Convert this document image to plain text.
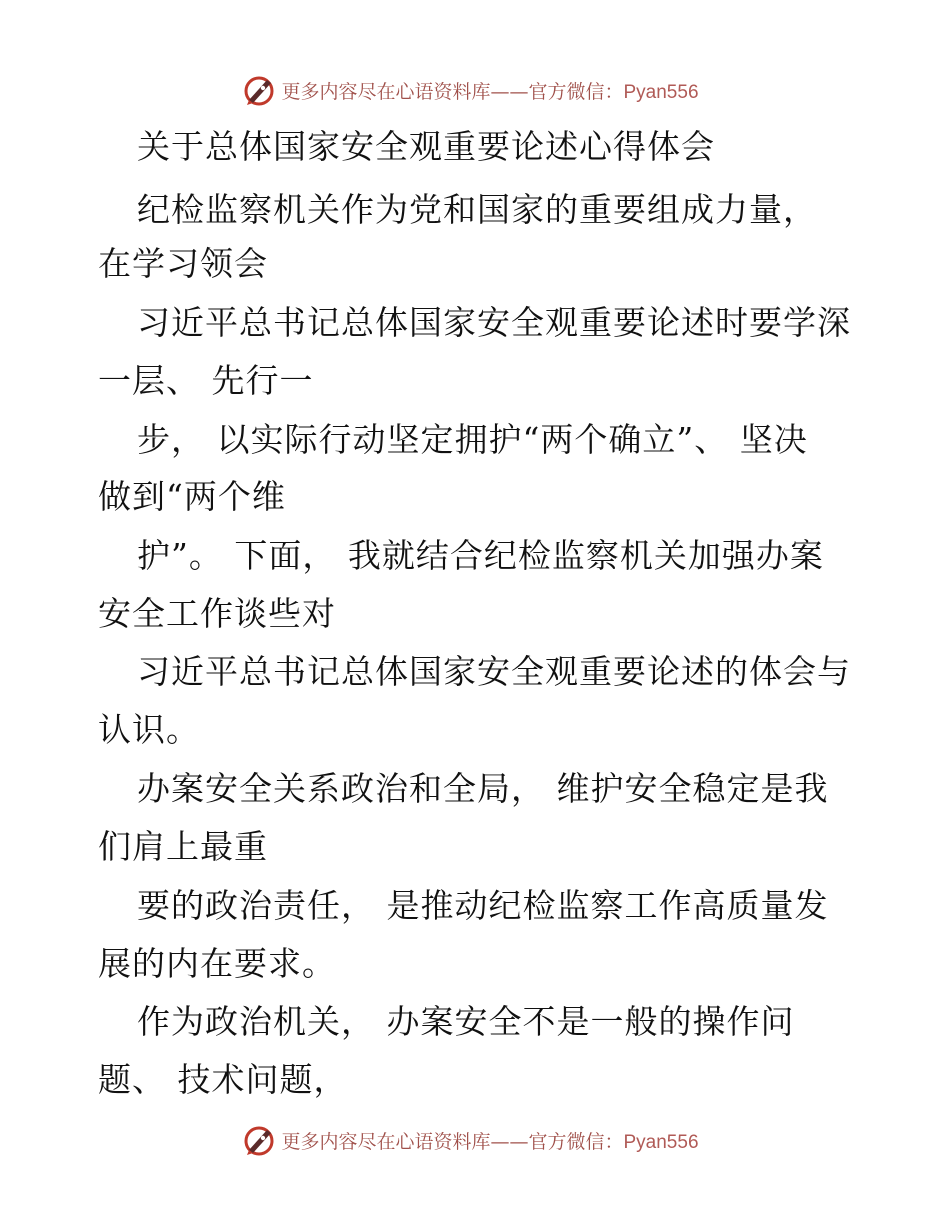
更多内容尽在心语资料库——官方微信：Pyan556
关于总体国家安全观重要论述心得体会
纪检监察机关作为党和国家的重要组成力量，
在学习领会
习近平总书记总体国家安全观重要论述时要学深
一层、 先行一
步， 以实际行动坚定拥护“两个确立”、 坚决
做到“两个维
护”。 下面， 我就结合纪检监察机关加强办案
安全工作谈些对
习近平总书记总体国家安全观重要论述的体会与
认识。
办案安全关系政治和全局， 维护安全稳定是我
们肩上最重
要的政治责任， 是推动纪检监察工作高质量发
展的内在要求。
作为政治机关， 办案安全不是一般的操作问
题、 技术问题，
更多内容尽在心语资料库——官方微信：Pyan556
